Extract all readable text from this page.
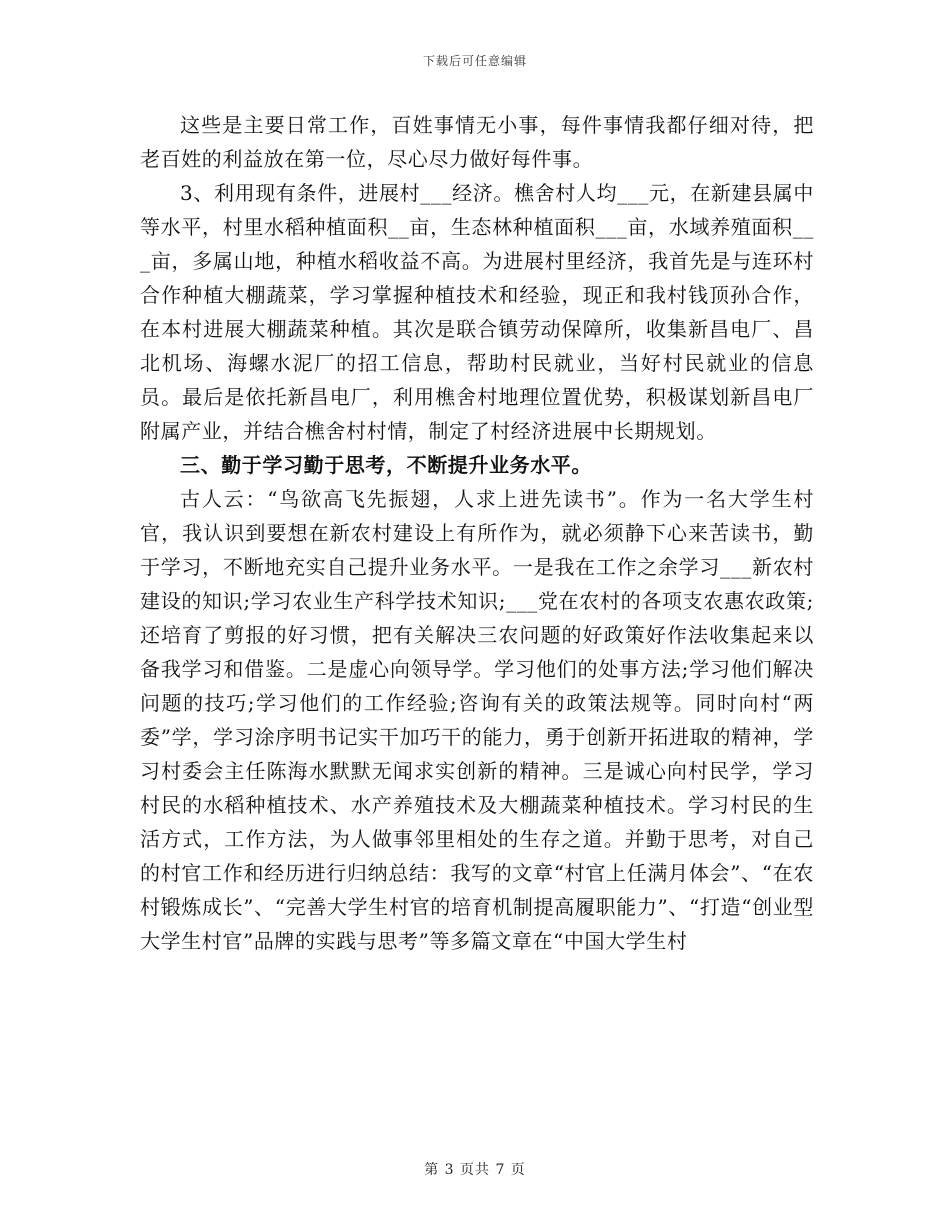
下载后可任意编辑

这些是主要日常工作，百姓事情无小事，每件事情我都仔细对待，把老百姓的利益放在第一位，尽心尽力做好每件事。

3、利用现有条件，进展村___经济。樵舍村人均___元，在新建县属中等水平，村里水稻种植面积__亩，生态林种植面积___亩，水域养殖面积___亩，多属山地，种植水稻收益不高。为进展村里经济，我首先是与连环村合作种植大棚蔬菜，学习掌握种植技术和经验，现正和我村钱顶孙合作，在本村进展大棚蔬菜种植。其次是联合镇劳动保障所，收集新昌电厂、昌北机场、海螺水泥厂的招工信息，帮助村民就业，当好村民就业的信息员。最后是依托新昌电厂，利用樵舍村地理位置优势，积极谋划新昌电厂附属产业，并结合樵舍村村情，制定了村经济进展中长期规划。

三、勤于学习勤于思考，不断提升业务水平。

古人云：“鸟欲高飞先振翅，人求上进先读书”。作为一名大学生村官，我认识到要想在新农村建设上有所作为，就必须静下心来苦读书，勤于学习，不断地充实自己提升业务水平。一是我在工作之余学习___新农村建设的知识;学习农业生产科学技术知识;___党在农村的各项支农惠农政策;还培育了剪报的好习惯，把有关解决三农问题的好政策好作法收集起来以备我学习和借鉴。二是虚心向领导学。学习他们的处事方法;学习他们解决问题的技巧;学习他们的工作经验;咨询有关的政策法规等。同时向村“两委”学，学习涂序明书记实干加巧干的能力，勇于创新开拓进取的精神，学习村委会主任陈海水默默无闻求实创新的精神。三是诚心向村民学，学习村民的水稻种植技术、水产养殖技术及大棚蔬菜种植技术。学习村民的生活方式，工作方法，为人做事邻里相处的生存之道。并勤于思考，对自己的村官工作和经历进行归纳总结：我写的文章“村官上任满月体会”、“在农村锻炼成长”、“完善大学生村官的培育机制提高履职能力”、“打造“创业型大学生村官”品牌的实践与思考”等多篇文章在“中国大学生村

第 3 页共 7 页
